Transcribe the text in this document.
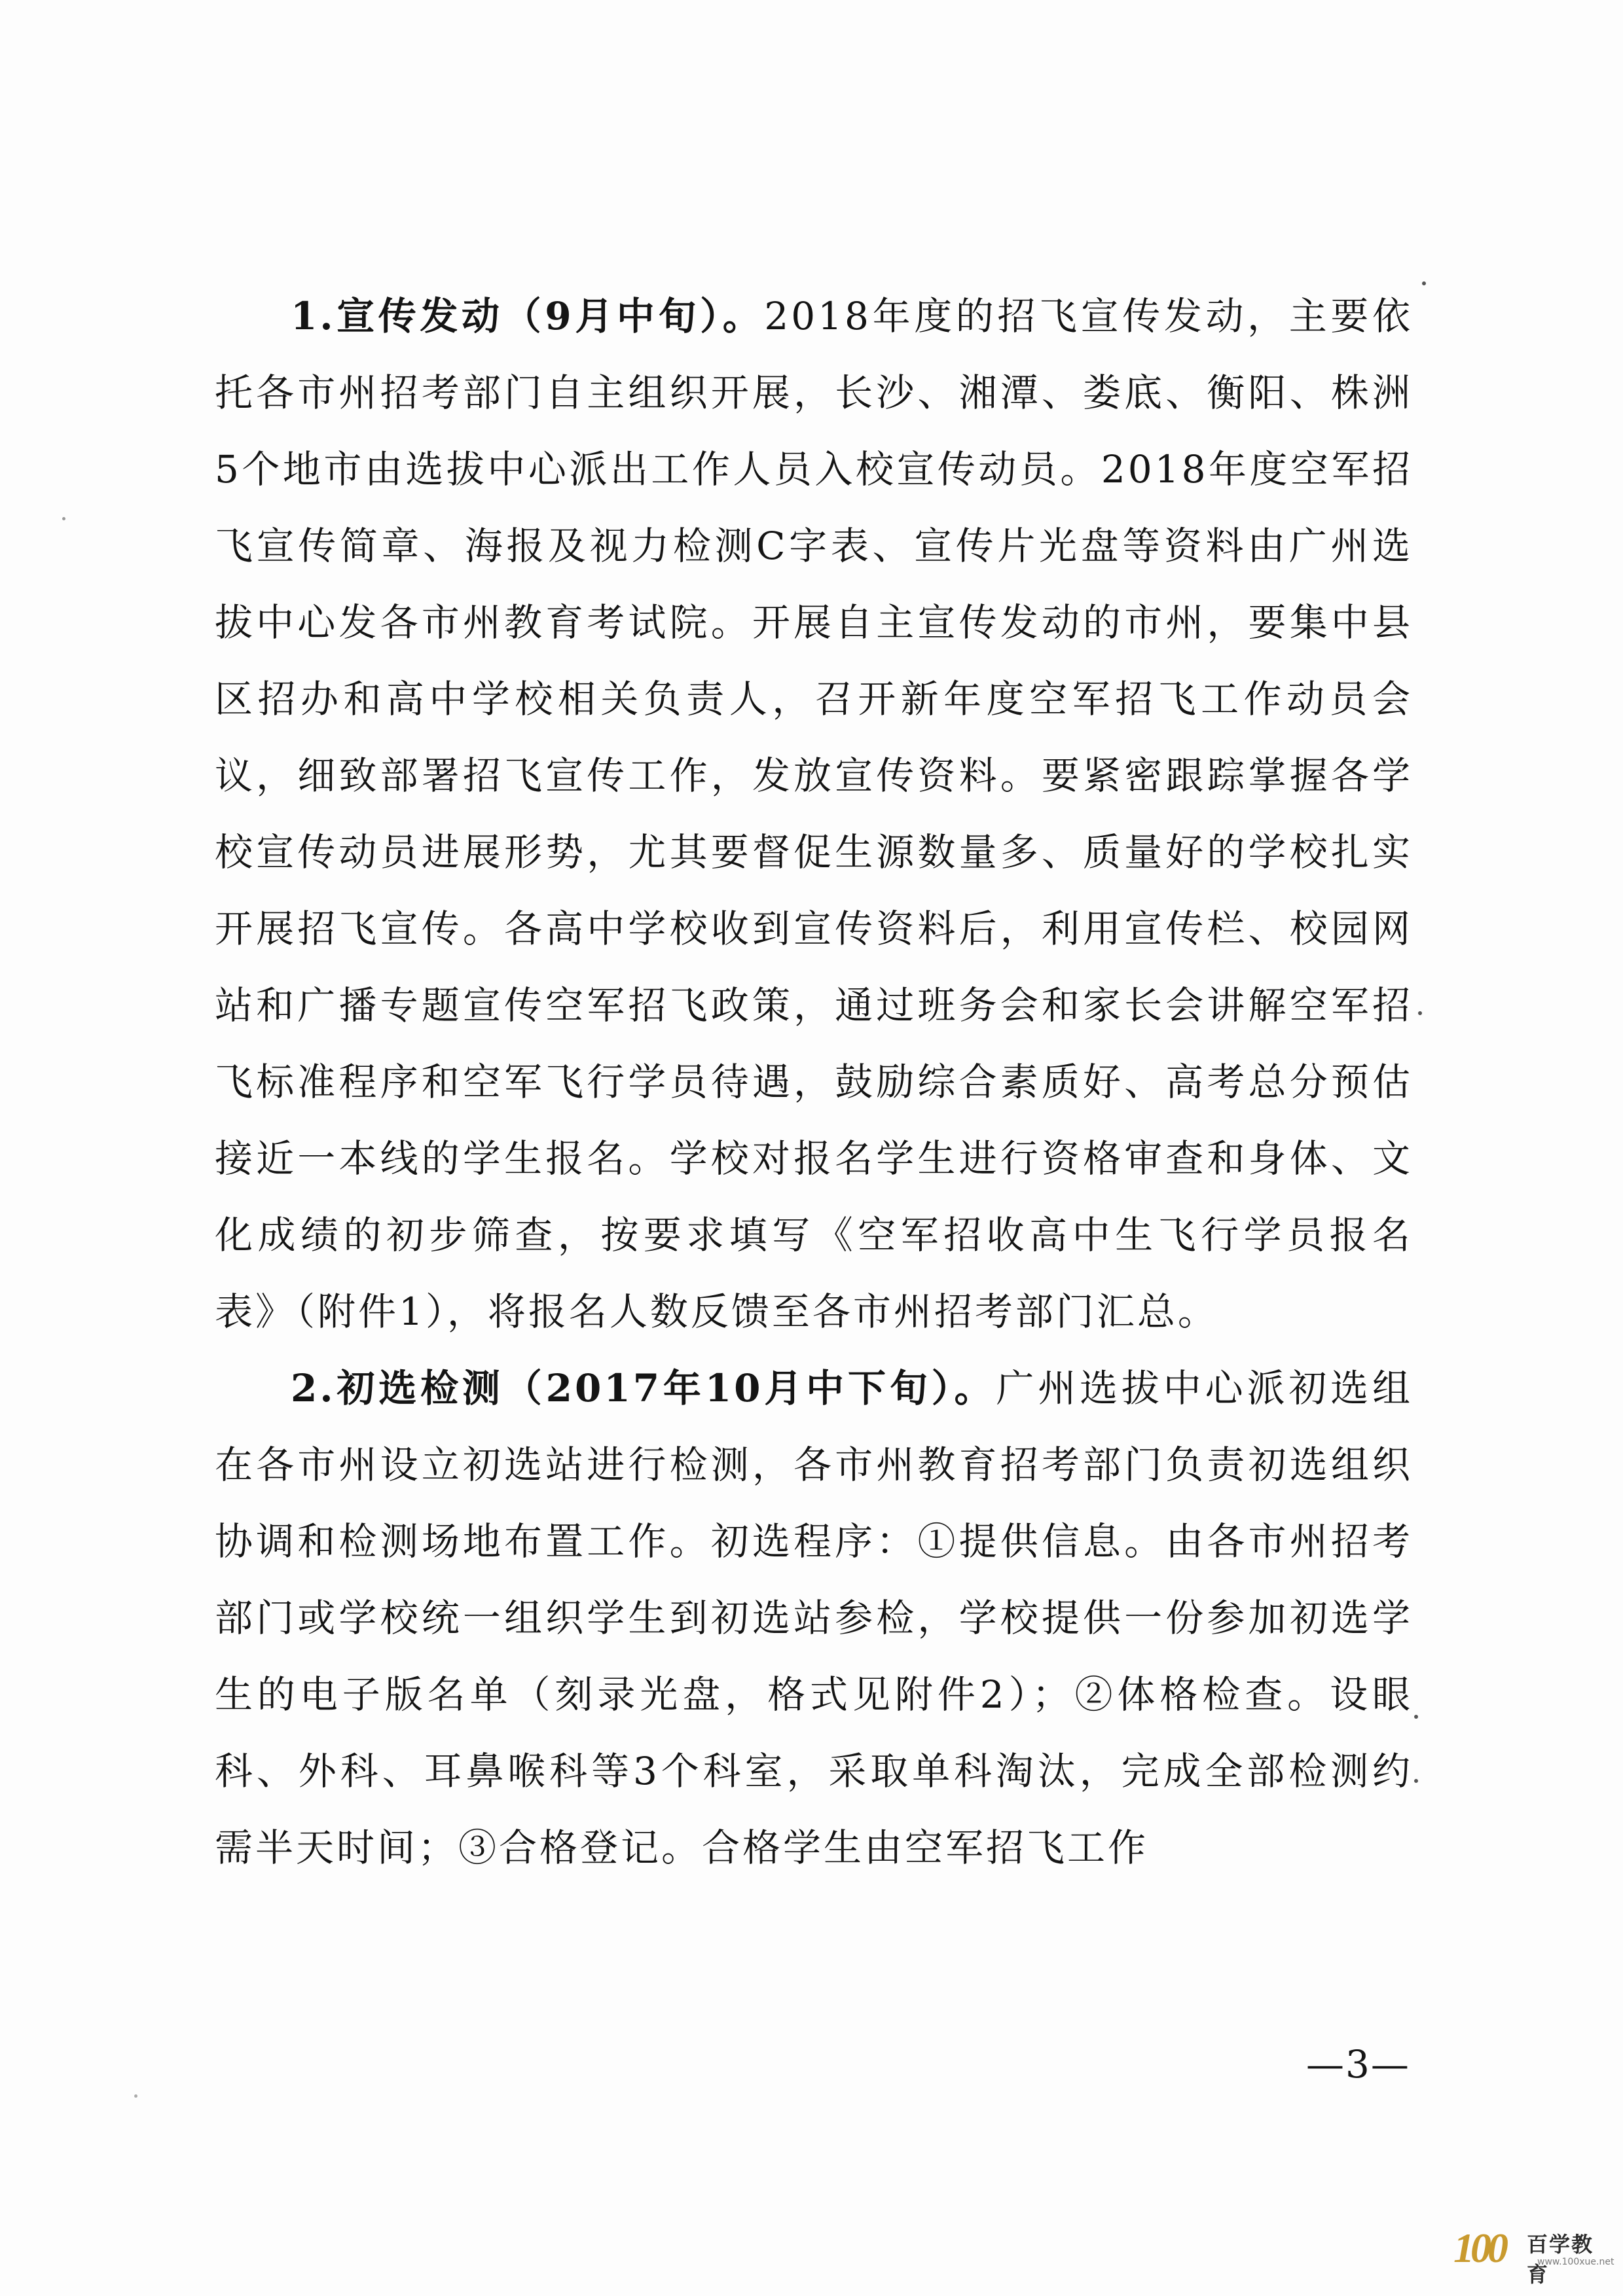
1.宣传发动（9月中旬）。2018年度的招飞宣传发动，主要依托各市州招考部门自主组织开展，长沙、湘潭、娄底、衡阳、株洲5个地市由选拔中心派出工作人员入校宣传动员。2018年度空军招飞宣传简章、海报及视力检测C字表、宣传片光盘等资料由广州选拔中心发各市州教育考试院。开展自主宣传发动的市州，要集中县区招办和高中学校相关负责人，召开新年度空军招飞工作动员会议，细致部署招飞宣传工作，发放宣传资料。要紧密跟踪掌握各学校宣传动员进展形势，尤其要督促生源数量多、质量好的学校扎实开展招飞宣传。各高中学校收到宣传资料后，利用宣传栏、校园网站和广播专题宣传空军招飞政策，通过班务会和家长会讲解空军招飞标准程序和空军飞行学员待遇，鼓励综合素质好、高考总分预估接近一本线的学生报名。学校对报名学生进行资格审查和身体、文化成绩的初步筛查，按要求填写《空军招收高中生飞行学员报名表》（附件1），将报名人数反馈至各市州招考部门汇总。

2.初选检测（2017年10月中下旬）。广州选拔中心派初选组在各市州设立初选站进行检测，各市州教育招考部门负责初选组织协调和检测场地布置工作。初选程序：①提供信息。由各市州招考部门或学校统一组织学生到初选站参检，学校提供一份参加初选学生的电子版名单（刻录光盘，格式见附件2）；②体格检查。设眼科、外科、耳鼻喉科等3个科室，采取单科淘汰，完成全部检测约需半天时间；③合格登记。合格学生由空军招飞工作

—3—
100 百学教育
www.100xue.net
